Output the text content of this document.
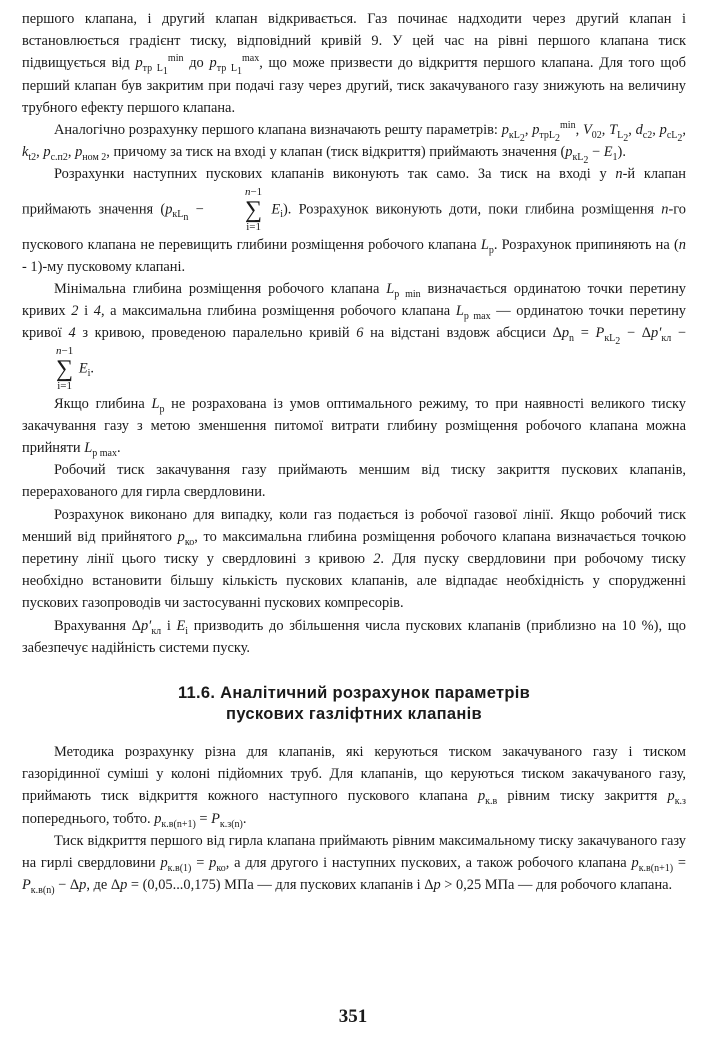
першого клапана, і другий клапан відкривається. Газ починає надходити через другий клапан і встановлюється градієнт тиску, відповідний кривій 9. У цей час на рівні першого клапана тиск підвищується від $p_{тр L_1}^{min}$ до $p_{тр L_1}^{max}$, що може призвести до відкриття першого клапана. Для того щоб перший клапан був закритим при подачі газу через другий, тиск закачуваного газу знижують на величину трубного ефекту першого клапана.

Аналогічно розрахунку першого клапана визначають решту параметрів: $p_{кL_2}$, $p_{трL_2}^{min}$, $V_{02}$, $T_{L_2}$, $d_{c2}$, $p_{cL_2}$, $k_{t2}$, $p_{c.п2}$, $p_{ном 2}$, причому за тиск на вході у клапан (тиск відкриття) приймають значення $(p_{кL_2} - E_1)$.

Розрахунки наступних пускових клапанів виконують так само. За тиск на вході у n-й клапан приймають значення ($p_{кL_n}$ −
n−1
∑
i=1
$E_i$). Розрахунок виконують доти, поки глибина розміщення n-го пускового клапана не перевищить глибини розміщення робочого клапана $L_p$. Розрахунок припиняють на (n - 1)-му пусковому клапані.

Мінімальна глибина розміщення робочого клапана $L_{p min}$ визначається ординатою точки перетину кривих 2 і 4, а максимальна глибина розміщення робочого клапана $L_{p max}$ — ординатою точки перетину кривої 4 з кривою, проведеною паралельно кривій 6 на відстані вздовж абсциси $\Delta p_n = P_{кL_2} - \Delta p'_{кл}$ −
n−1
∑
i=1
$E_i$.

Якщо глибина $L_p$ не розрахована із умов оптимального режиму, то при наявності великого тиску закачування газу з метою зменшення питомої витрати глибину розміщення робочого клапана можна прийняти $L_{p max}$.

Робочий тиск закачування газу приймають меншим від тиску закриття пускових клапанів, перерахованого для гирла свердловини.

Розрахунок виконано для випадку, коли газ подається із робочої газової лінії. Якщо робочий тиск менший від прийнятого $p_{ко}$, то максимальна глибина розміщення робочого клапана визначається точкою перетину лінії цього тиску у свердловині з кривою 2. Для пуску свердловини при робочому тиску необхідно встановити більшу кількість пускових клапанів, але відпадає необхідність у спорудженні пускових газопроводів чи застосуванні пускових компресорів.

Врахування $\Delta p'_{кл}$ і $E_i$ призводить до збільшення числа пускових клапанів (приблизно на 10 %), що забезпечує надійність системи пуску.

11.6. Аналітичний розрахунок параметрів
пускових газліфтних клапанів

Методика розрахунку різна для клапанів, які керуються тиском закачуваного газу і тиском газорідинної суміші у колоні підйомних труб. Для клапанів, що керуються тиском закачуваного газу, приймають тиск відкриття кожного наступного пускового клапана $p_{к.в}$ рівним тиску закриття $p_{к.з}$ попереднього, тобто. $p_{к.в(n+1)} = P_{к.з(n)}$.

Тиск відкриття першого від гирла клапана приймають рівним максимальному тиску закачуваного газу на гирлі свердловини $p_{к.в(1)} = p_{ко}$, а для другого і наступних пускових, а також робочого клапана $p_{к.в(n+1)} = P_{к.в(n)} - \Delta p$, де Δp = (0,05...0,175) МПа — для пускових клапанів і Δp > 0,25 МПа — для робочого клапана.

351
